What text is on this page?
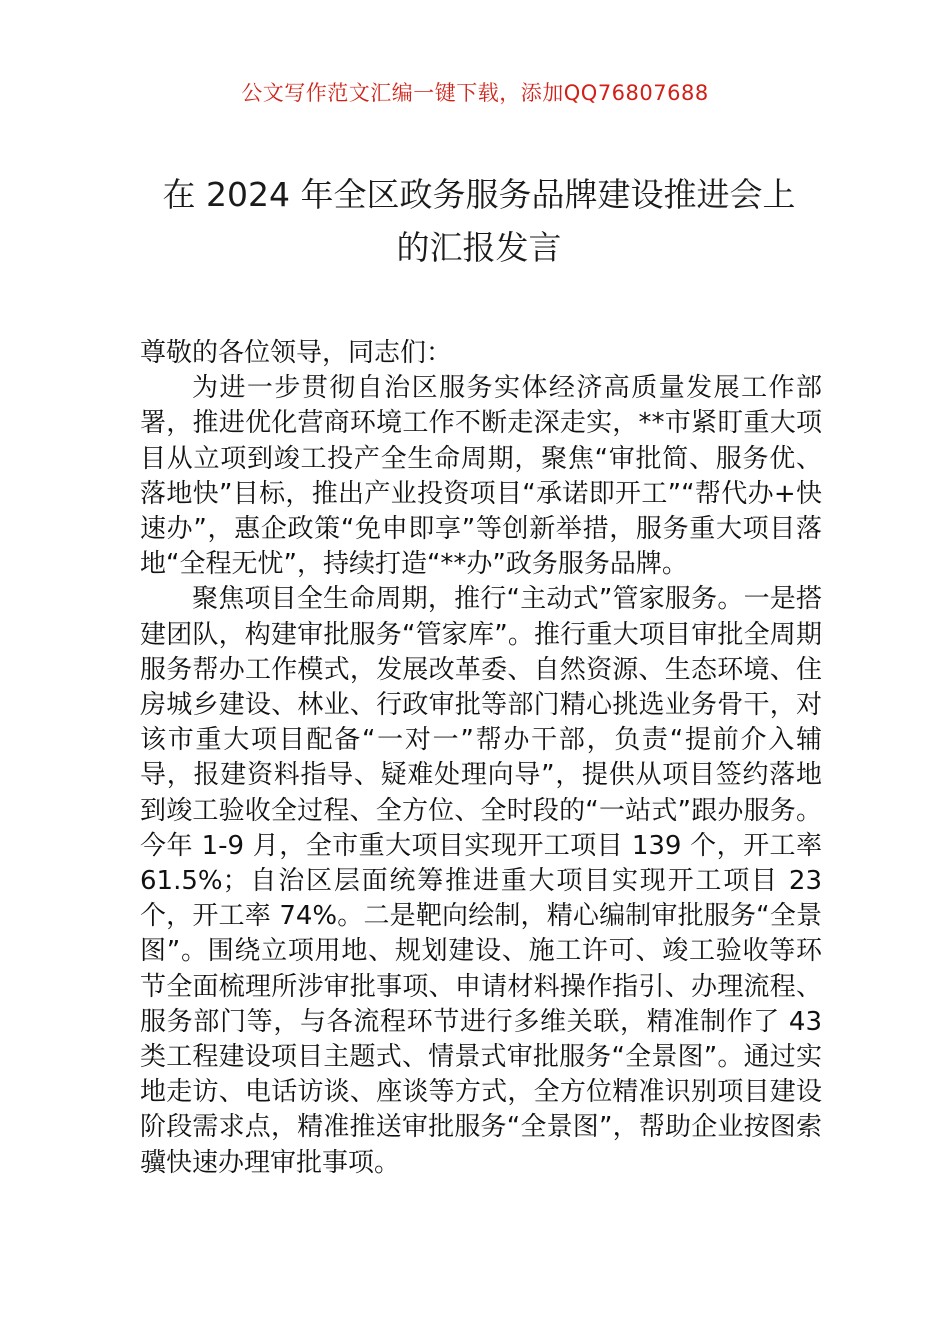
公文写作范文汇编一键下载，添加QQ76807688
在 2024 年全区政务服务品牌建设推进会上
的汇报发言

尊敬的各位领导，同志们：

为进一步贯彻自治区服务实体经济高质量发展工作部署，推进优化营商环境工作不断走深走实，**市紧盯重大项目从立项到竣工投产全生命周期，聚焦“审批简、服务优、落地快”目标，推出产业投资项目“承诺即开工”“帮代办+快速办”，惠企政策“免申即享”等创新举措，服务重大项目落地“全程无忧”，持续打造“**办”政务服务品牌。

聚焦项目全生命周期，推行“主动式”管家服务。一是搭建团队，构建审批服务“管家库”。推行重大项目审批全周期服务帮办工作模式，发展改革委、自然资源、生态环境、住房城乡建设、林业、行政审批等部门精心挑选业务骨干，对该市重大项目配备“一对一”帮办干部，负责“提前介入辅导，报建资料指导、疑难处理向导”，提供从项目签约落地到竣工验收全过程、全方位、全时段的“一站式”跟办服务。今年 1-9 月，全市重大项目实现开工项目 139 个，开工率 61.5%；自治区层面统筹推进重大项目实现开工项目 23 个，开工率 74%。二是靶向绘制，精心编制审批服务“全景图”。围绕立项用地、规划建设、施工许可、竣工验收等环节全面梳理所涉审批事项、申请材料操作指引、办理流程、服务部门等，与各流程环节进行多维关联，精准制作了 43 类工程建设项目主题式、情景式审批服务“全景图”。通过实地走访、电话访谈、座谈等方式，全方位精准识别项目建设阶段需求点，精准推送审批服务“全景图”，帮助企业按图索骥快速办理审批事项。
